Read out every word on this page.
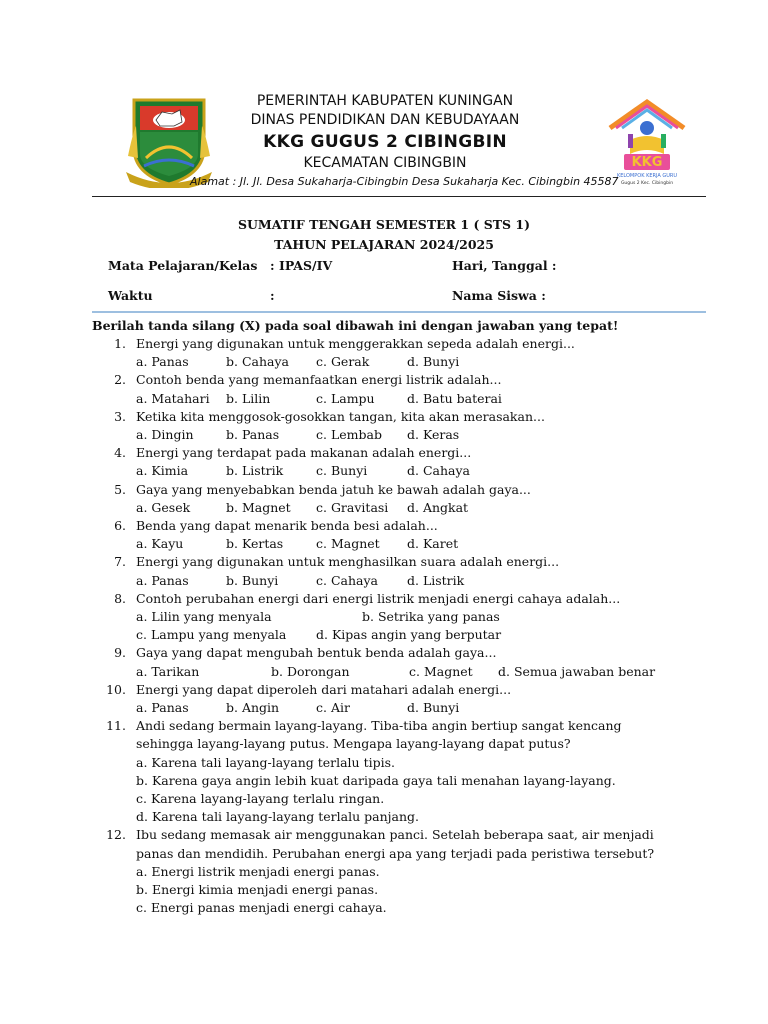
PEMERINTAH KABUPATEN KUNINGAN
DINAS PENDIDIKAN DAN KEBUDAYAAN
KKG GUGUS 2 CIBINGBIN
KECAMATAN CIBINGBIN
Alamat : Jl. Jl. Desa Sukaharja-Cibingbin Desa Sukaharja Kec. Cibingbin 45587
KKG
KELOMPOK KERJA GURU
Gugus 2 Kec. Cibingbin
SUMATIF TENGAH SEMESTER 1 ( STS 1)
TAHUN PELAJARAN 2024/2025
Mata Pelajaran/Kelas : IPAS/IV	Hari, Tanggal :
Waktu	:	Nama Siswa :
Berilah tanda silang (X) pada soal dibawah ini dengan jawaban yang tepat!
1. Energi yang digunakan untuk menggerakkan sepeda adalah energi...
a. Panas	b. Cahaya c. Gerak	d. Bunyi
2. Contoh benda yang memanfaatkan energi listrik adalah...
a. Matahari b. Lilin	c. Lampu	d. Batu baterai
3. Ketika kita menggosok-gosokkan tangan, kita akan merasakan...
a. Dingin	b. Panas	c. Lembab d. Keras
4. Energi yang terdapat pada makanan adalah energi...
a. Kimia	b. Listrik	c. Bunyi	d. Cahaya
5. Gaya yang menyebabkan benda jatuh ke bawah adalah gaya...
a. Gesek	b. Magnet c. Gravitasi d. Angkat
6. Benda yang dapat menarik benda besi adalah...
a. Kayu	b. Kertas	c. Magnet d. Karet
7. Energi yang digunakan untuk menghasilkan suara adalah energi...
a. Panas	b. Bunyi	c. Cahaya d. Listrik
8. Contoh perubahan energi dari energi listrik menjadi energi cahaya adalah...
a. Lilin yang menyala	b. Setrika yang panas
c. Lampu yang menyala d. Kipas angin yang berputar
9. Gaya yang dapat mengubah bentuk benda adalah gaya...
a. Tarikan	b. Dorongan	c. Magnet d. Semua jawaban benar
10. Energi yang dapat diperoleh dari matahari adalah energi...
a. Panas	b. Angin	c. Air	d. Bunyi
11. Andi sedang bermain layang-layang. Tiba-tiba angin bertiup sangat kencang
sehingga layang-layang putus. Mengapa layang-layang dapat putus?
a. Karena tali layang-layang terlalu tipis.
b. Karena gaya angin lebih kuat daripada gaya tali menahan layang-layang.
c. Karena layang-layang terlalu ringan.
d. Karena tali layang-layang terlalu panjang.
12. Ibu sedang memasak air menggunakan panci. Setelah beberapa saat, air menjadi
panas dan mendidih. Perubahan energi apa yang terjadi pada peristiwa tersebut?
a. Energi listrik menjadi energi panas.
b. Energi kimia menjadi energi panas.
c. Energi panas menjadi energi cahaya.
